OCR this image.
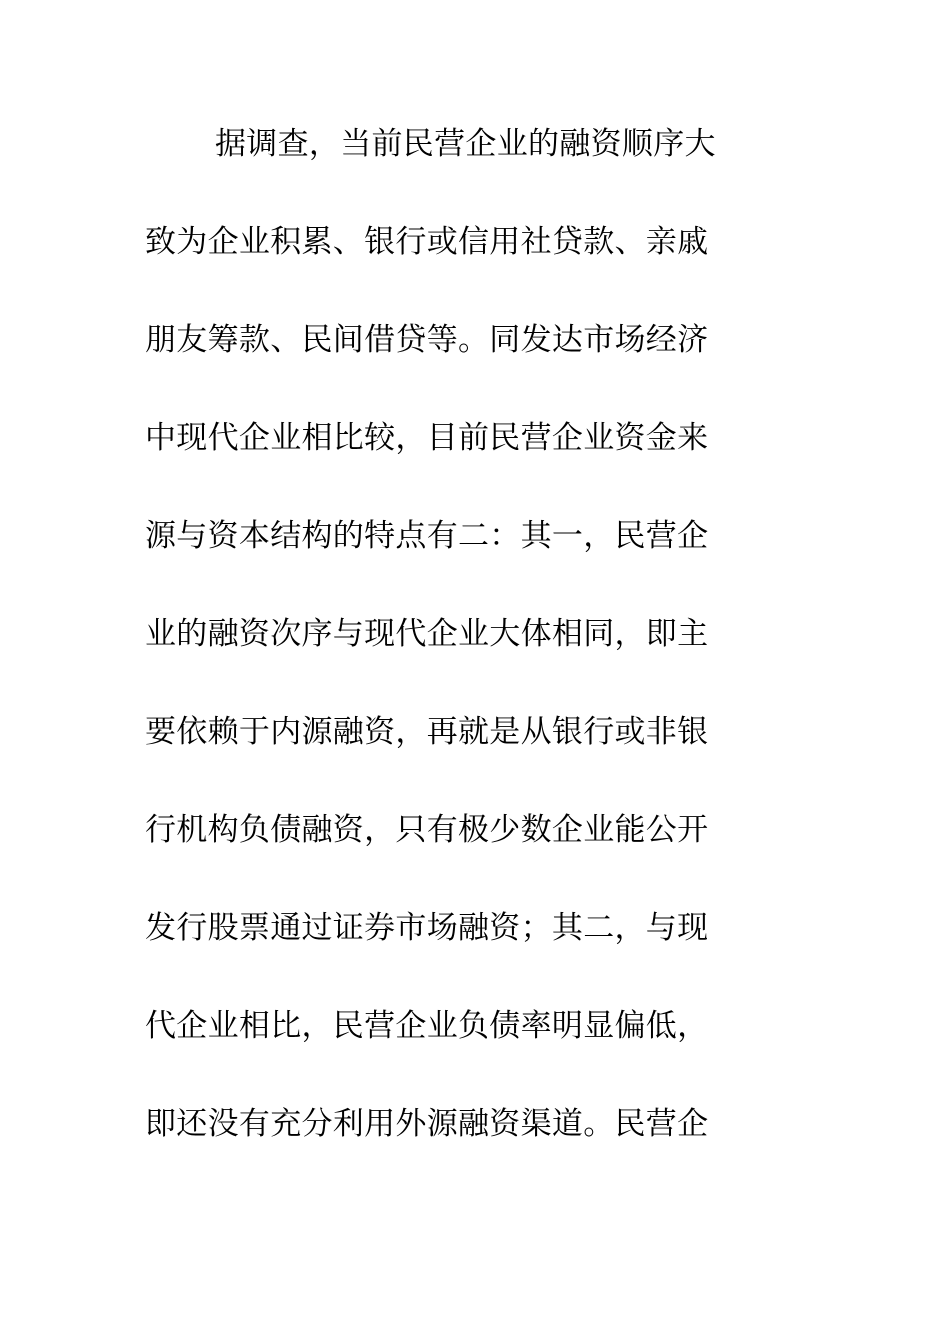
据调查，当前民营企业的融资顺序大
致为企业积累、银行或信用社贷款、亲戚
朋友筹款、民间借贷等。同发达市场经济
中现代企业相比较，目前民营企业资金来
源与资本结构的特点有二：其一，民营企
业的融资次序与现代企业大体相同，即主
要依赖于内源融资，再就是从银行或非银
行机构负债融资，只有极少数企业能公开
发行股票通过证券市场融资；其二，与现
代企业相比，民营企业负债率明显偏低，
即还没有充分利用外源融资渠道。民营企
